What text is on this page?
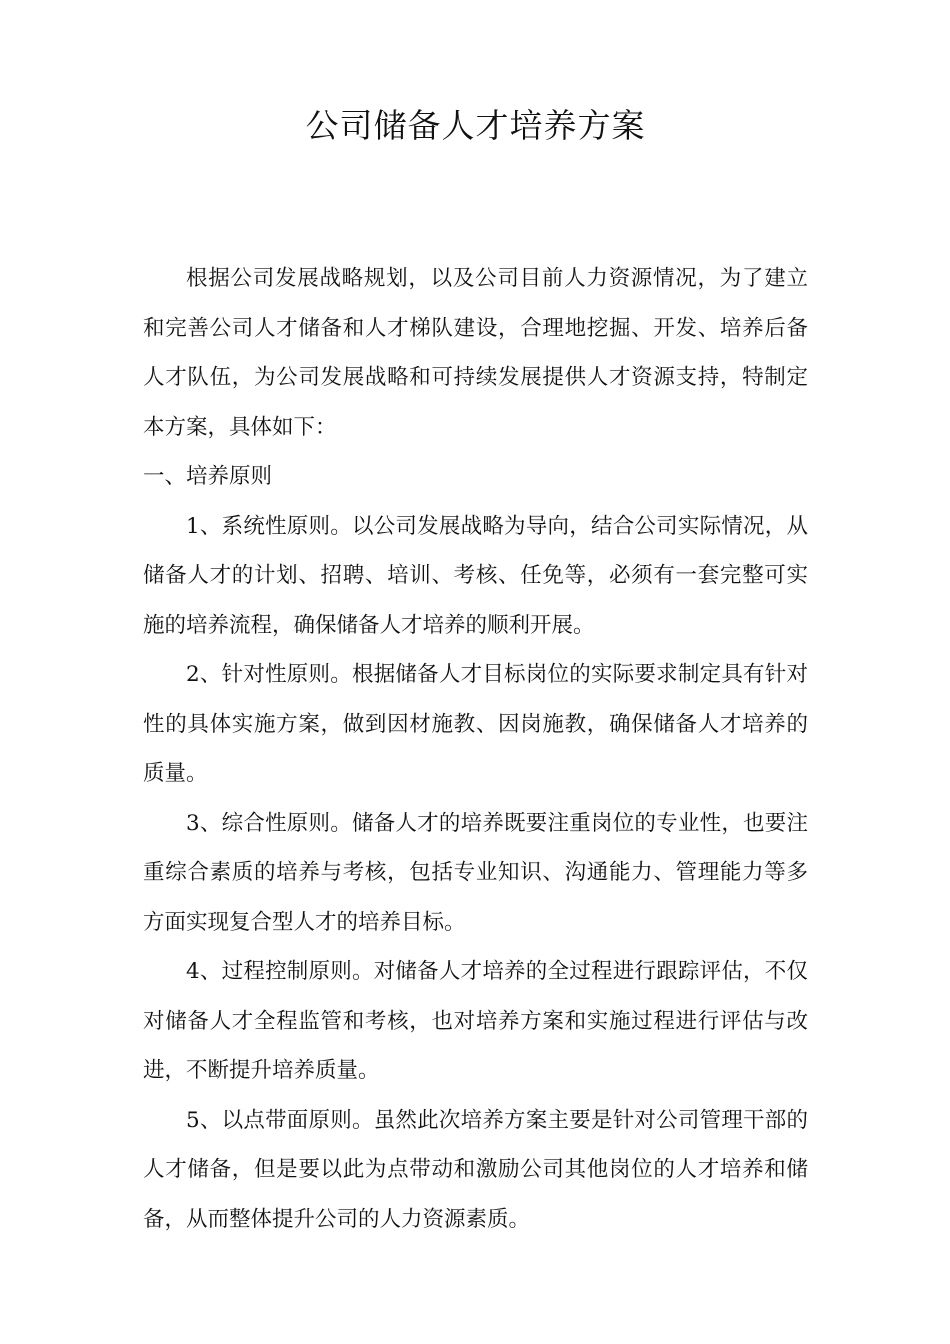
公司储备人才培养方案

根据公司发展战略规划，以及公司目前人力资源情况，为了建立和完善公司人才储备和人才梯队建设，合理地挖掘、开发、培养后备人才队伍，为公司发展战略和可持续发展提供人才资源支持，特制定本方案，具体如下：

一、培养原则

1、系统性原则。以公司发展战略为导向，结合公司实际情况，从储备人才的计划、招聘、培训、考核、任免等，必须有一套完整可实施的培养流程，确保储备人才培养的顺利开展。

2、针对性原则。根据储备人才目标岗位的实际要求制定具有针对性的具体实施方案，做到因材施教、因岗施教，确保储备人才培养的质量。

3、综合性原则。储备人才的培养既要注重岗位的专业性，也要注重综合素质的培养与考核，包括专业知识、沟通能力、管理能力等多方面实现复合型人才的培养目标。

4、过程控制原则。对储备人才培养的全过程进行跟踪评估，不仅对储备人才全程监管和考核，也对培养方案和实施过程进行评估与改进，不断提升培养质量。

5、以点带面原则。虽然此次培养方案主要是针对公司管理干部的人才储备，但是要以此为点带动和激励公司其他岗位的人才培养和储备，从而整体提升公司的人力资源素质。
